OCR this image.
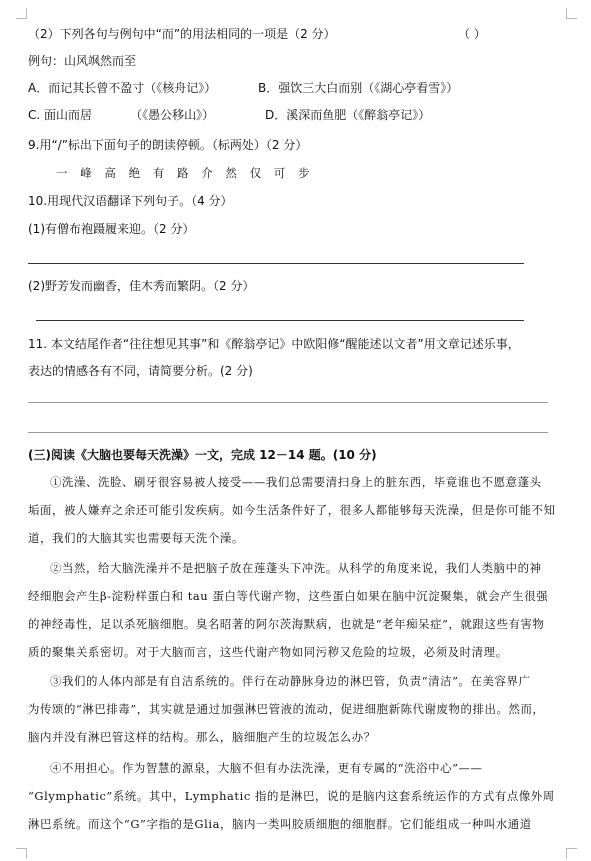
（2）下列各句与例句中“而”的用法相同的一项是（2 分）	（ ）
例句：山风飒然而至
A．而记其长曾不盈寸（《核舟记》）	B．强饮三大白而别（《湖心亭看雪》）
C. 面山而居          （《愚公移山》）	D．溪深而鱼肥（《醉翁亭记》）
9.用“/”标出下面句子的朗读停顿。（标两处）（2 分）
一 峰 高 绝 有 路 介 然 仅 可 步
10.用现代汉语翻译下列句子。（4 分）
(1)有僧布袍蹑履来迎。（2 分）
(2)野芳发而幽香，佳木秀而繁阴。（2 分）
11. 本文结尾作者“往往想见其事”和《醉翁亭记》中欧阳修“醒能述以文者”用文章记述乐事，
表达的情感各有不同，请简要分析。(2 分)
(三)阅读《大脑也要每天洗澡》一文，完成 12－14 题。(10 分)
①洗澡、洗脸、刷牙很容易被人接受——我们总需要清扫身上的脏东西，毕竟谁也不愿意蓬头
垢面，被人嫌弃之余还可能引发疾病。如今生活条件好了，很多人都能够每天洗澡，但是你可能不知
道，我们的大脑其实也需要每天洗个澡。
②当然，给大脑洗澡并不是把脑子放在莲蓬头下冲洗。从科学的角度来说，我们人类脑中的神
经细胞会产生β-淀粉样蛋白和 tau 蛋白等代谢产物，这些蛋白如果在脑中沉淀聚集，就会产生很强
的神经毒性，足以杀死脑细胞。臭名昭著的阿尔茨海默病，也就是“老年痴呆症”，就跟这些有害物
质的聚集关系密切。对于大脑而言，这些代谢产物如同污秽又危险的垃圾，必须及时清理。
③我们的人体内部是有自洁系统的。伴行在动静脉身边的淋巴管，负责“清洁”。在美容界广
为传颂的“淋巴排毒”，其实就是通过加强淋巴管液的流动，促进细胞新陈代谢废物的排出。然而，
脑内并没有淋巴管这样的结构。那么，脑细胞产生的垃圾怎么办？
④不用担心。作为智慧的源泉，大脑不但有办法洗澡，更有专属的“洗浴中心”——
“Glymphatic”系统。其中，Lymphatic 指的是淋巴，说的是脑内这套系统运作的方式有点像外周
淋巴系统。而这个“G”字指的是Glia，脑内一类叫胶质细胞的细胞群。它们能组成一种叫水通道
